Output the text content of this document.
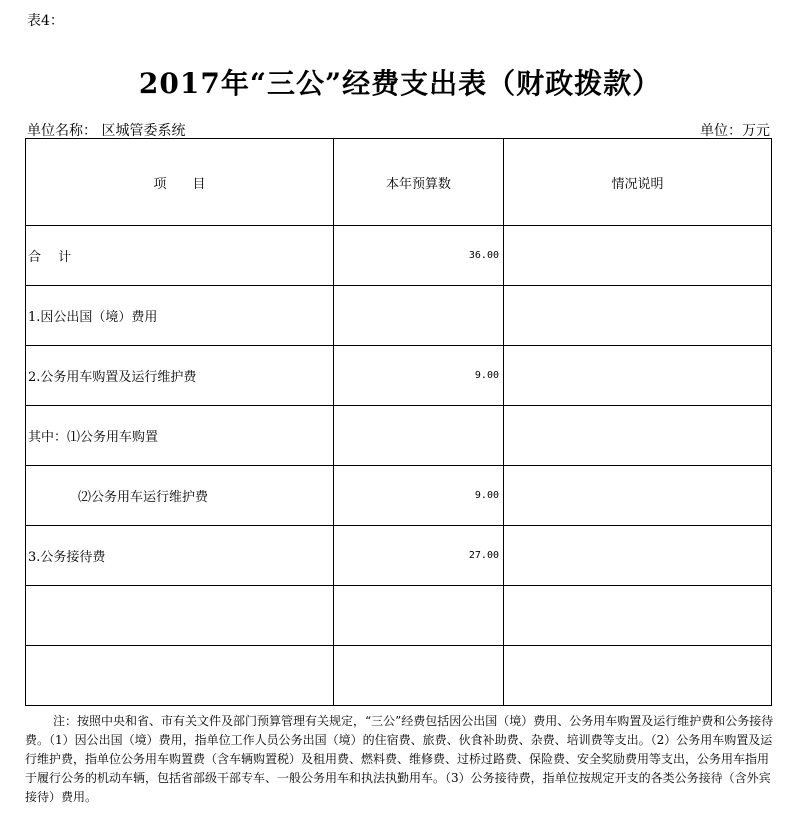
表4：
2017年“三公”经费支出表（财政拨款）
单位名称： 区城管委系统	单位：万元
项　　目	本年预算数	情况说明
合　 计	36.00	
1.因公出国（境）费用		
2.公务用车购置及运行维护费	9.00	
其中：⑴公务用车购置		
⑵公务用车运行维护费	9.00	
3.公务接待费	27.00	

注：按照中央和省、市有关文件及部门预算管理有关规定，“三公”经费包括因公出国（境）费用、公务用车购置及运行维护费和公务接待费。（1）因公出国（境）费用，指单位工作人员公务出国（境）的住宿费、旅费、伙食补助费、杂费、培训费等支出。（2）公务用车购置及运行维护费，指单位公务用车购置费（含车辆购置税）及租用费、燃料费、维修费、过桥过路费、保险费、安全奖励费用等支出，公务用车指用于履行公务的机动车辆，包括省部级干部专车、一般公务用车和执法执勤用车。（3）公务接待费，指单位按规定开支的各类公务接待（含外宾接待）费用。
